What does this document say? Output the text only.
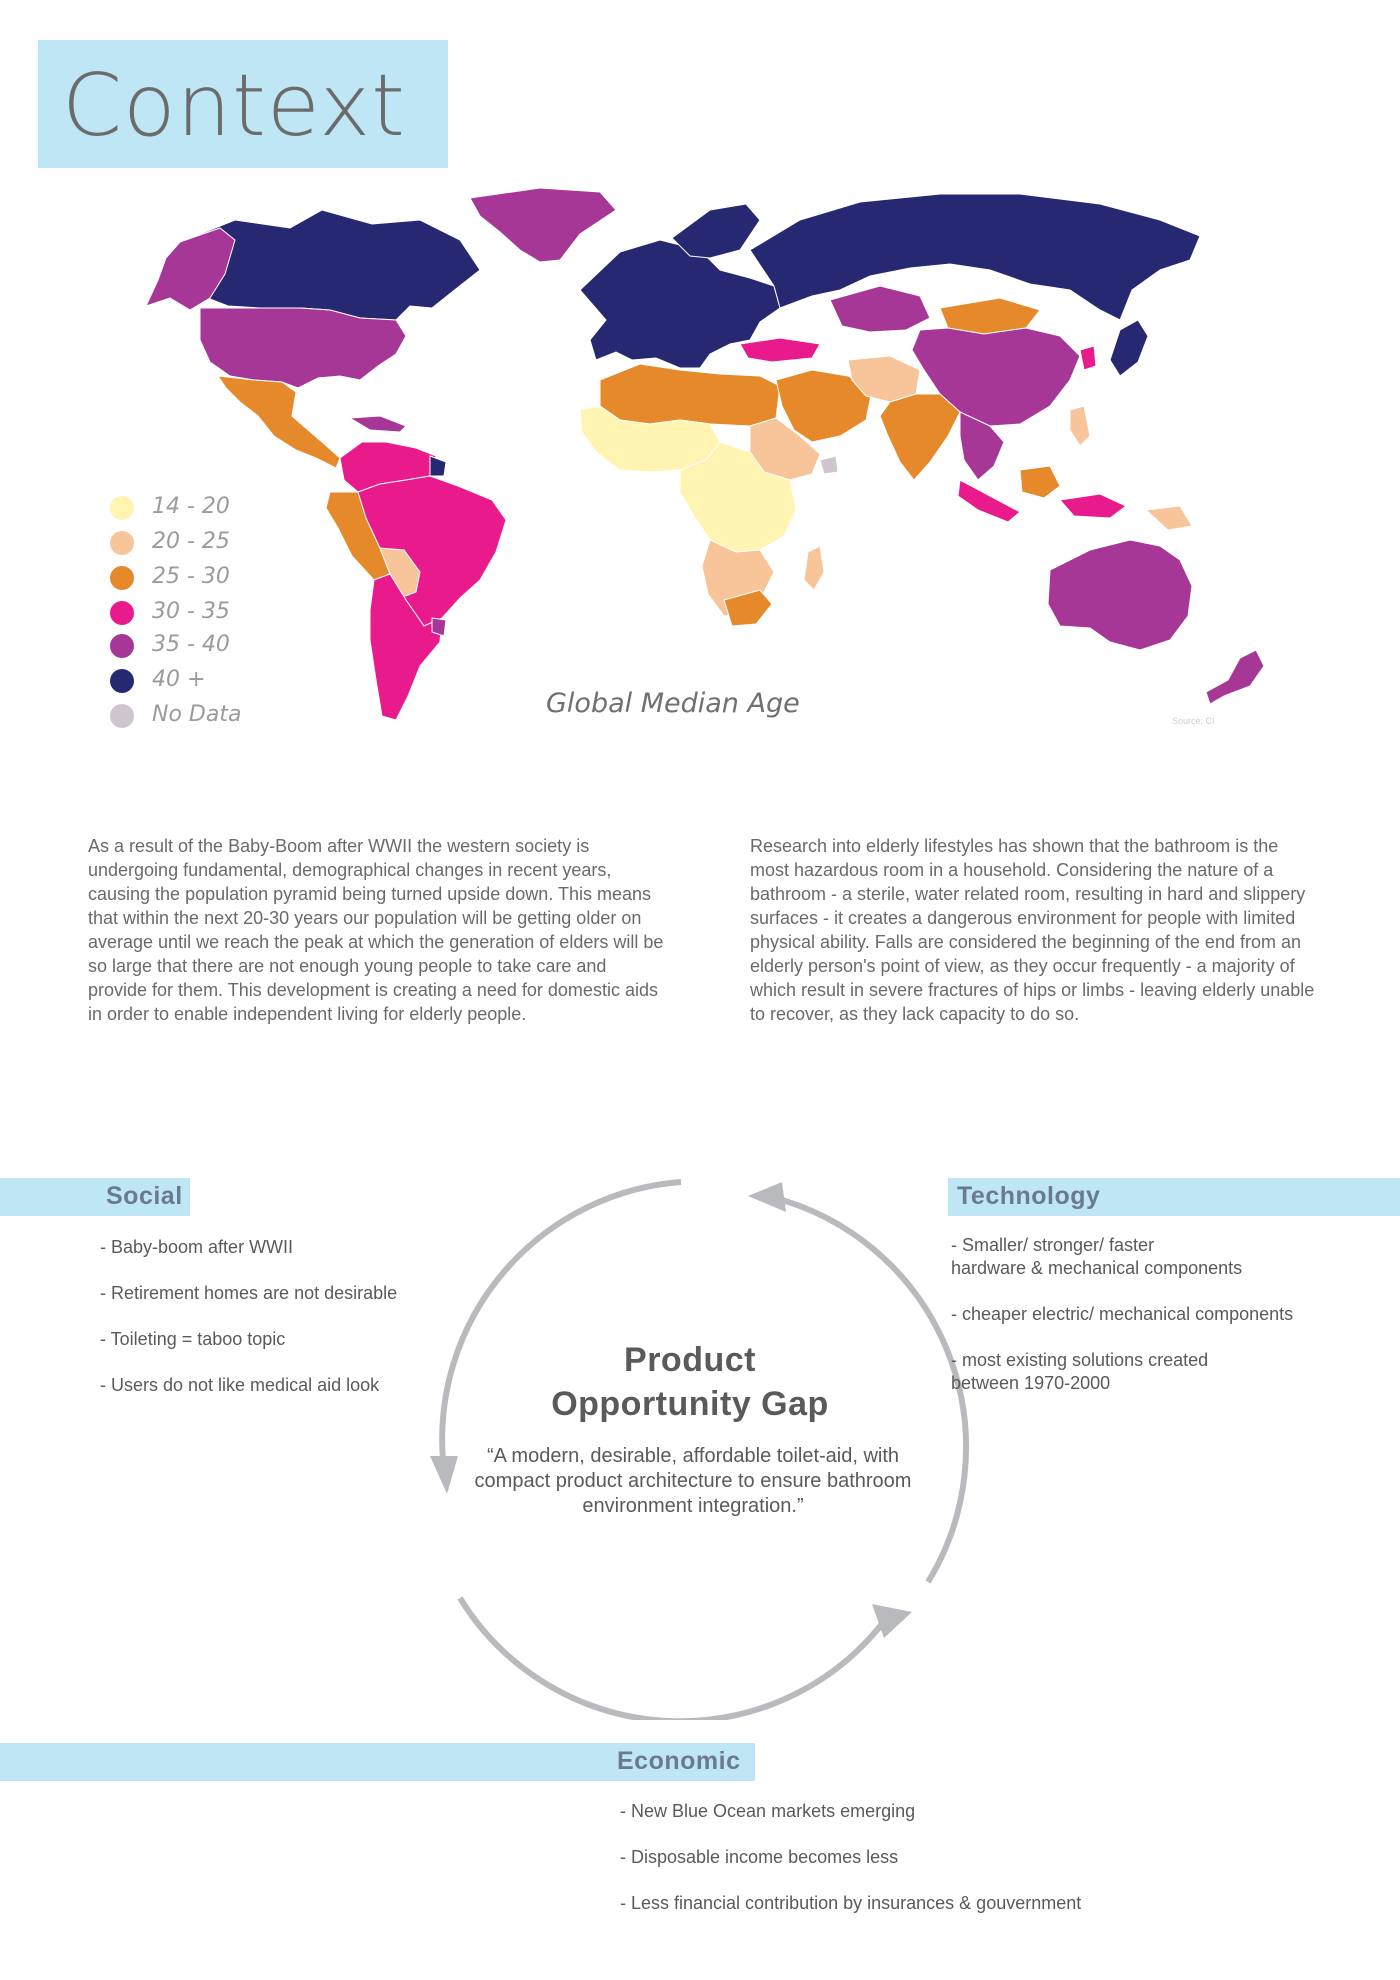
Context
14 - 20
20 - 25
25 - 30
30 - 35
35 - 40
40 +
No Data	Global Median Age
Source: CI

As a result of the Baby-Boom after WWII the western society is undergoing fundamental, demographical changes in recent years, causing the population pyramid being turned upside down. This means that within the next 20-30 years our population will be getting older on average until we reach the peak at which the generation of elders will be so large that there are not enough young people to take care and provide for them. This development is creating a need for domestic aids in order to enable independent living for elderly people.

Research into elderly lifestyles has shown that the bathroom is the most hazardous room in a household. Considering the nature of a bathroom - a sterile, water related room, resulting in hard and slippery surfaces - it creates a dangerous environment for people with limited physical ability. Falls are considered the beginning of the end from an elderly person's point of view, as they occur frequently - a majority of which result in severe fractures of hips or limbs - leaving elderly unable to recover, as they lack capacity to do so.

Product
Opportunity Gap
“A modern, desirable, affordable toilet-aid, with compact product architecture to ensure bathroom environment integration.”
Social
- Baby-boom after WWII
- Retirement homes are not desirable
- Toileting = taboo topic
- Users do not like medical aid look
Technology
- Smaller/ stronger/ faster
hardware & mechanical components
- cheaper electric/ mechanical components
- most existing solutions created
between 1970-2000
Economic
- New Blue Ocean markets emerging
- Disposable income becomes less
- Less financial contribution by insurances & gouvernment
